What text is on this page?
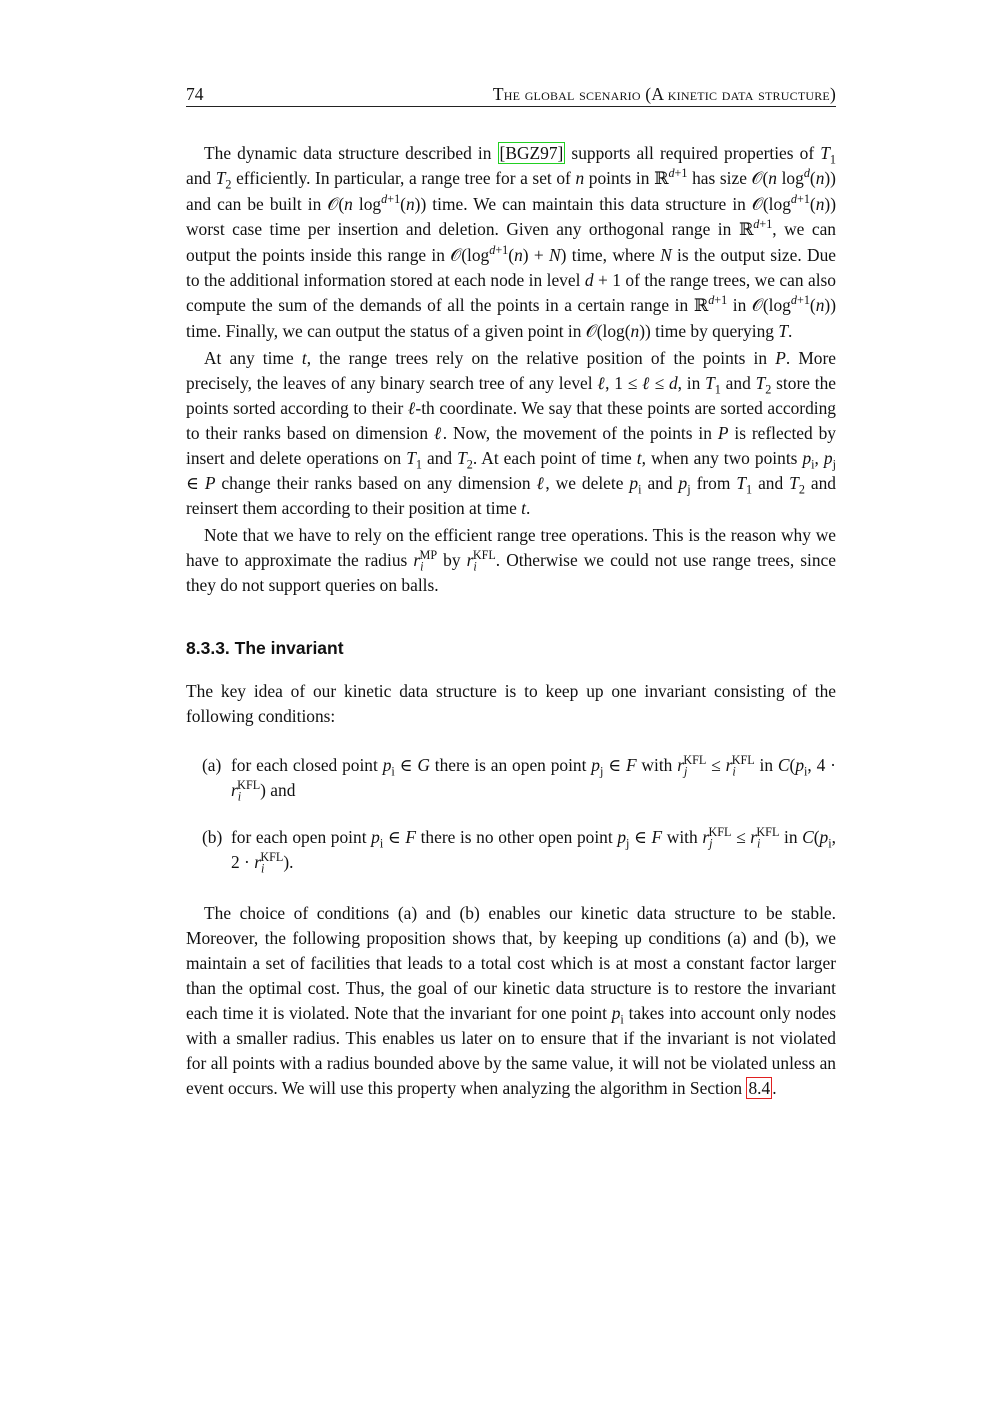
74	The global scenario (A kinetic data structure)

The dynamic data structure described in [BGZ97] supports all required properties of $T_1$ and $T_2$ efficiently. In particular, a range tree for a set of n points in ℝ$^{d+1}$ has size 𝒪(n $\log^d(n)$) and can be built in 𝒪(n $\log^{d+1}(n)$) time. We can maintain this data structure in $𝒪(\log^{d+1}(n))$ worst case time per insertion and deletion. Given any orthogonal range in ℝ$^{d+1}$, we can output the points inside this range in $𝒪(\log^{d+1}(n) + N)$ time, where N is the output size. Due to the additional information stored at each node in level d + 1 of the range trees, we can also compute the sum of the demands of all the points in a certain range in ℝ$^{d+1}$ in $𝒪(\log^{d+1}(n))$ time. Finally, we can output the status of a given point in 𝒪(log(n)) time by querying T.

At any time t, the range trees rely on the relative position of the points in P. More precisely, the leaves of any binary search tree of any level ℓ, 1 ≤ ℓ ≤ d, in $T_1$ and $T_2$ store the points sorted according to their ℓ-th coordinate. We say that these points are sorted according to their ranks based on dimension ℓ. Now, the movement of the points in P is reflected by insert and delete operations on $T_1$ and $T_2$. At each point of time t, when any two points $p_i$, $p_j$ ∈ P change their ranks based on any dimension ℓ, we delete $p_i$ and $p_j$ from $T_1$ and $T_2$ and reinsert them according to their position at time t.

Note that we have to rely on the efficient range tree operations. This is the reason why we have to approximate the radius $r_i^{MP}$ by $r_i^{KFL}$. Otherwise we could not use range trees, since they do not support queries on balls.

8.3.3. The invariant

The key idea of our kinetic data structure is to keep up one invariant consisting of the following conditions:

(a) for each closed point $p_i$ ∈ G there is an open point $p_j$ ∈ F with $r_j^{KFL} \le r_i^{KFL}$ in $C(p_i$, $4 \cdot r_i^{KFL}$) and
(b) for each open point $p_i$ ∈ F there is no other open point $p_j$ ∈ F with $r_j^{KFL} \le r_i^{KFL}$ in $C(p_i$, $2 \cdot r_i^{KFL}$).

The choice of conditions (a) and (b) enables our kinetic data structure to be stable. Moreover, the following proposition shows that, by keeping up conditions (a) and (b), we maintain a set of facilities that leads to a total cost which is at most a constant factor larger than the optimal cost. Thus, the goal of our kinetic data structure is to restore the invariant each time it is violated. Note that the invariant for one point $p_i$ takes into account only nodes with a smaller radius. This enables us later on to ensure that if the invariant is not violated for all points with a radius bounded above by the same value, it will not be violated unless an event occurs. We will use this property when analyzing the algorithm in Section 8.4 .
